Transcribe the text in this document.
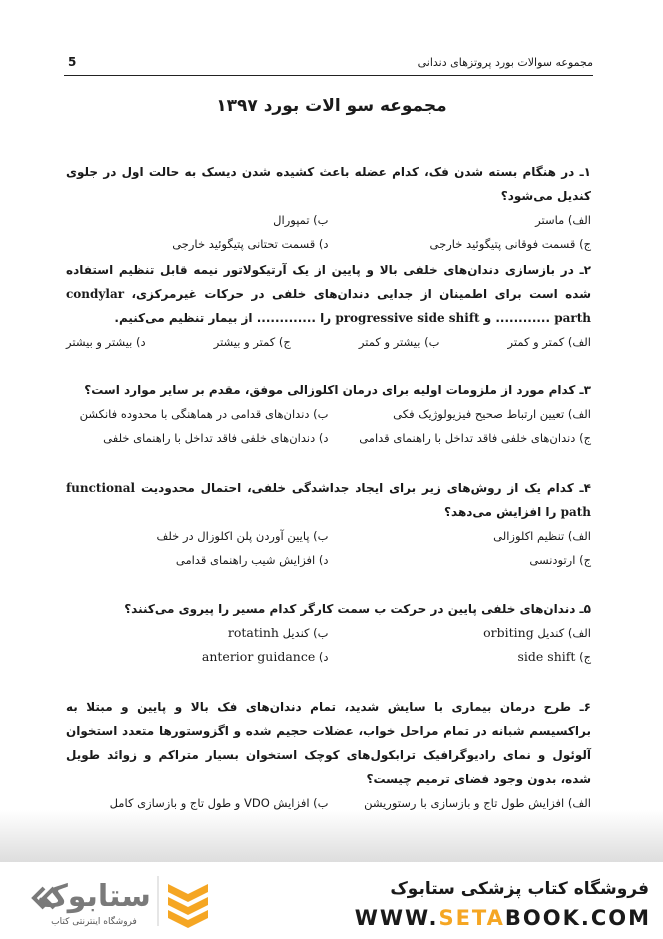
مجموعه سوالات بورد پروتزهای دندانی
5
مجموعه سو الات بورد ۱۳۹۷
۱ـ در هنگام بسته شدن فک، کدام عضله باعث کشیده شدن دیسک به حالت اول در جلوی کندیل می‌شود؟
الف) ماستر
ب) تمپورال
ج) قسمت فوقانی پتیگوئید خارجی
د) قسمت تحتانی پتیگوئید خارجی
۲ـ در بازسازی دندان‌های خلفی بالا و پایین از یک آرتیکولاتور نیمه قابل تنظیم استفاده شده است برای اطمینان از جدایی دندان‌های خلفی در حرکات غیرمرکزی، condylar parth ............ و progressive side shift را ............. از بیمار تنظیم می‌کنیم.
الف) کمتر و کمتر
ب) بیشتر و کمتر
ج) کمتر و بیشتر
د) بیشتر و بیشتر
۳ـ کدام مورد از ملزومات اولیه برای درمان اکلوزالی موفق، مقدم بر سایر موارد است؟
الف) تعیین ارتباط صحیح فیزیولوژیک فکی
ب) دندان‌های قدامی در هماهنگی با محدوده فانکشن
ج) دندان‌های خلفی فاقد تداخل با راهنمای قدامی
د) دندان‌های خلفی فاقد تداخل با راهنمای خلفی
۴ـ کدام یک از روش‌های زیر برای ایجاد جداشدگی خلفی، احتمال محدودیت functional path را افزایش می‌دهد؟
الف) تنظیم اکلوزالی
ب) پایین آوردن پلن اکلوزال در خلف
ج) ارتودنسی
د) افزایش شیب راهنمای قدامی
۵ـ دندان‌های خلفی پایین در حرکت ب سمت کارگر کدام مسیر را پیروی می‌کنند؟
الف) کندیل orbiting
ب) کندیل rotatinh
ج) side shift
د) anterior guidance
۶ـ طرح درمان بیماری با سایش شدید، تمام دندان‌های فک بالا و پایین و مبتلا به براکسیسم شبانه در تمام مراحل خواب، عضلات حجیم شده و اگزوستورها متعدد استخوان آلوئول و نمای رادیوگرافیک ترابکول‌های کوچک استخوان بسیار متراکم و زوائد طویل شده، بدون وجود فضای ترمیم چیست؟
الف) افزایش طول تاج و بازسازی با رستوریشن
ب) افزایش VDO و طول تاج و بازسازی کامل
ستابوک
فروشگاه اینترنتی کتاب
فروشگاه کتاب پزشکی ستابوک
WWW.SETABOOK.COM
